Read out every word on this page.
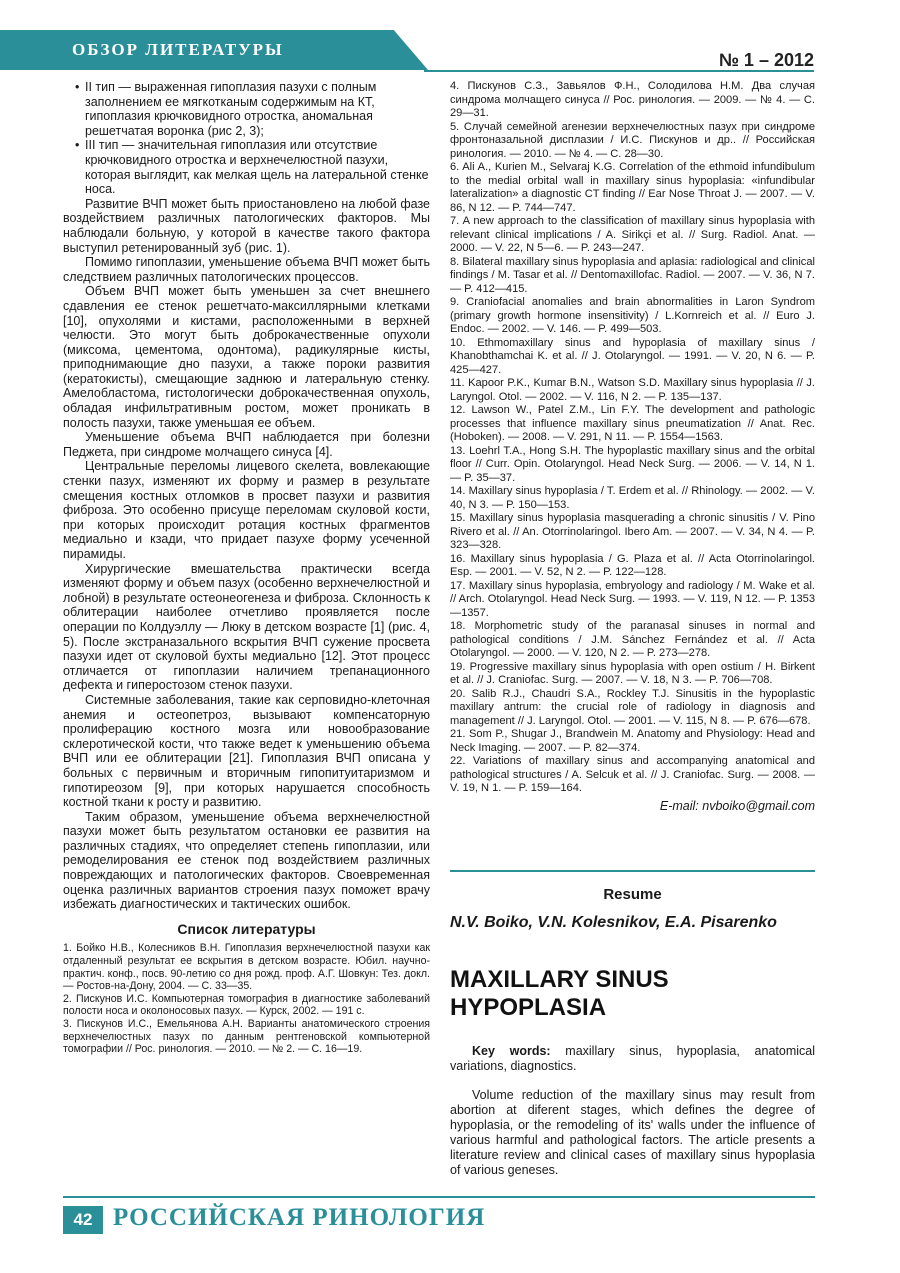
ОБЗОР ЛИТЕРАТУРЫ
№ 1 – 2012
• II тип — выраженная гипоплазия пазухи с полным заполнением ее мягкотканым содержимым на КТ, гипоплазия крючковидного отростка, аномальная решетчатая воронка (рис 2, 3);
• III тип — значительная гипоплазия или отсутствие крючковидного отростка и верхнечелюстной пазухи, которая выглядит, как мелкая щель на латеральной стенке носа.

Развитие ВЧП может быть приостановлено на любой фазе воздействием различных патологических факторов. Мы наблюдали больную, у которой в качестве такого фактора выступил ретенированный зуб (рис. 1).

Помимо гипоплазии, уменьшение объема ВЧП может быть следствием различных патологических процессов.

Объем ВЧП может быть уменьшен за счет внешнего сдавления ее стенок решетчато-максиллярными клетками [10], опухолями и кистами, расположенными в верхней челюсти. Это могут быть доброкачественные опухоли (миксома, цементома, одонтома), радикулярные кисты, приподнимающие дно пазухи, а также пороки развития (кератокисты), смещающие заднюю и латеральную стенку. Амелобластома, гистологически доброкачественная опухоль, обладая инфильтративным ростом, может проникать в полость пазухи, также уменьшая ее объем.

Уменьшение объема ВЧП наблюдается при болезни Педжета, при синдроме молчащего синуса [4].

Центральные переломы лицевого скелета, вовлекающие стенки пазух, изменяют их форму и размер в результате смещения костных отломков в просвет пазухи и развития фиброза. Это особенно присуще переломам скуловой кости, при которых происходит ротация костных фрагментов медиально и кзади, что придает пазухе форму усеченной пирамиды.

Хирургические вмешательства практически всегда изменяют форму и объем пазух (особенно верхнечелюстной и лобной) в результате остеонеогенеза и фиброза. Склонность к облитерации наиболее отчетливо проявляется после операции по Колдуэллу — Люку в детском возрасте [1] (рис. 4, 5). После экстраназального вскрытия ВЧП сужение просвета пазухи идет от скуловой бухты медиально [12]. Этот процесс отличается от гипоплазии наличием трепанационного дефекта и гиперостозом стенок пазухи.

Системные заболевания, такие как серповидно-клеточная анемия и остеопетроз, вызывают компенсаторную пролиферацию костного мозга или новообразование склеротической кости, что также ведет к уменьшению объема ВЧП или ее облитерации [21]. Гипоплазия ВЧП описана у больных с первичным и вторичным гипопитуитаризмом и гипотиреозом [9], при которых нарушается способность костной ткани к росту и развитию.

Таким образом, уменьшение объема верхнечелюстной пазухи может быть результатом остановки ее развития на различных стадиях, что определяет степень гипоплазии, или ремоделирования ее стенок под воздействием различных повреждающих и патологических факторов. Своевременная оценка различных вариантов строения пазух поможет врачу избежать диагностических и тактических ошибок.

Список литературы

1. Бойко Н.В., Колесников В.Н. Гипоплазия верхнечелюстной пазухи как отдаленный результат ее вскрытия в детском возрасте. Юбил. научно-практич. конф., посв. 90-летию со дня рожд. проф. А.Г. Шовкун: Тез. докл. — Ростов-на-Дону, 2004. — С. 33—35.

2. Пискунов И.С. Компьютерная томография в диагностике заболеваний полости носа и околоносовых пазух. — Курск, 2002. — 191 с.

3. Пискунов И.С., Емельянова А.Н. Варианты анатомического строения верхнечелюстных пазух по данным рентгеновской компьютерной томографии // Рос. ринология. — 2010. — № 2. — С. 16—19.

4. Пискунов С.З., Завьялов Ф.Н., Солодилова Н.М. Два случая синдрома молчащего синуса // Рос. ринология. — 2009. — № 4. — С. 29—31.

5. Случай семейной агенезии верхнечелюстных пазух при синдроме фронтоназальной дисплазии / И.С. Пискунов и др.. // Российская ринология. — 2010. — № 4. — С. 28—30.

6. Ali A., Kurien M., Selvaraj K.G. Correlation of the ethmoid infundibulum to the medial orbital wall in maxillary sinus hypoplasia: «infundibular lateralization» a diagnostic CT finding // Ear Nose Throat J. — 2007. — V. 86, N 12. — P. 744—747.

7. A new approach to the classification of maxillary sinus hypoplasia with relevant clinical implications / A. Sirikçi et al. // Surg. Radiol. Anat. — 2000. — V. 22, N 5—6. — P. 243—247.

8. Bilateral maxillary sinus hypoplasia and aplasia: radiological and clinical findings / M. Tasar et al. // Dentomaxillofac. Radiol. — 2007. — V. 36, N 7. — P. 412—415.

9. Craniofacial anomalies and brain abnormalities in Laron Syndrom (primary growth hormone insensitivity) / L.Kornreich et al. // Euro J. Endoc. — 2002. — V. 146. — P. 499—503.

10. Ethmomaxillary sinus and hypoplasia of maxillary sinus / Khanobthamchai K. et al. // J. Otolaryngol. — 1991. — V. 20, N 6. — P. 425—427.

11. Kapoor P.K., Kumar B.N., Watson S.D. Maxillary sinus hypoplasia // J. Laryngol. Otol. — 2002. — V. 116, N 2. — P. 135—137.

12. Lawson W., Patel Z.M., Lin F.Y. The development and pathologic processes that influence maxillary sinus pneumatization // Anat. Rec. (Hoboken). — 2008. — V. 291, N 11. — P. 1554—1563.

13. Loehrl T.A., Hong S.H. The hypoplastic maxillary sinus and the orbital floor // Curr. Opin. Otolaryngol. Head Neck Surg. — 2006. — V. 14, N 1. — P. 35—37.

14. Maxillary sinus hypoplasia / T. Erdem et al. // Rhinology. — 2002. — V. 40, N 3. — P. 150—153.

15. Maxillary sinus hypoplasia masquerading a chronic sinusitis / V. Pino Rivero et al. // An. Otorrinolaringol. Ibero Am. — 2007. — V. 34, N 4. — P. 323—328.

16. Maxillary sinus hypoplasia / G. Plaza et al. // Acta Otorrinolaringol. Esp. — 2001. — V. 52, N 2. — P. 122—128.

17. Maxillary sinus hypoplasia, embryology and radiology / M. Wake et al. // Arch. Otolaryngol. Head Neck Surg. — 1993. — V. 119, N 12. — P. 1353—1357.

18. Morphometric study of the paranasal sinuses in normal and pathological conditions / J.M. Sánchez Fernández et al. // Acta Otolaryngol. — 2000. — V. 120, N 2. — P. 273—278.

19. Progressive maxillary sinus hypoplasia with open ostium / H. Birkent et al. // J. Craniofac. Surg. — 2007. — V. 18, N 3. — P. 706—708.

20. Salib R.J., Chaudri S.A., Rockley T.J. Sinusitis in the hypoplastic maxillary antrum: the crucial role of radiology in diagnosis and management // J. Laryngol. Otol. — 2001. — V. 115, N 8. — P. 676—678.

21. Som P., Shugar J., Brandwein M. Anatomy and Physiology: Head and Neck Imaging. — 2007. — P. 82—374.

22. Variations of maxillary sinus and accompanying anatomical and pathological structures / A. Selcuk et al. // J. Craniofac. Surg. — 2008. — V. 19, N 1. — P. 159—164.

E-mail: nvboiko@gmail.com
Resume
N.V. Boiko, V.N. Kolesnikov, E.A. Pisarenko
MAXILLARY SINUS HYPOPLASIA
Key words: maxillary sinus, hypoplasia, anatomical variations, diagnostics.
Volume reduction of the maxillary sinus may result from abortion at diferent stages, which defines the degree of hypoplasia, or the remodeling of its' walls under the influence of various harmful and pathological factors. The article presents a literature review and clinical cases of maxillary sinus hypoplasia of various geneses.
42 РОССИЙСКАЯ РИНОЛОГИЯ
